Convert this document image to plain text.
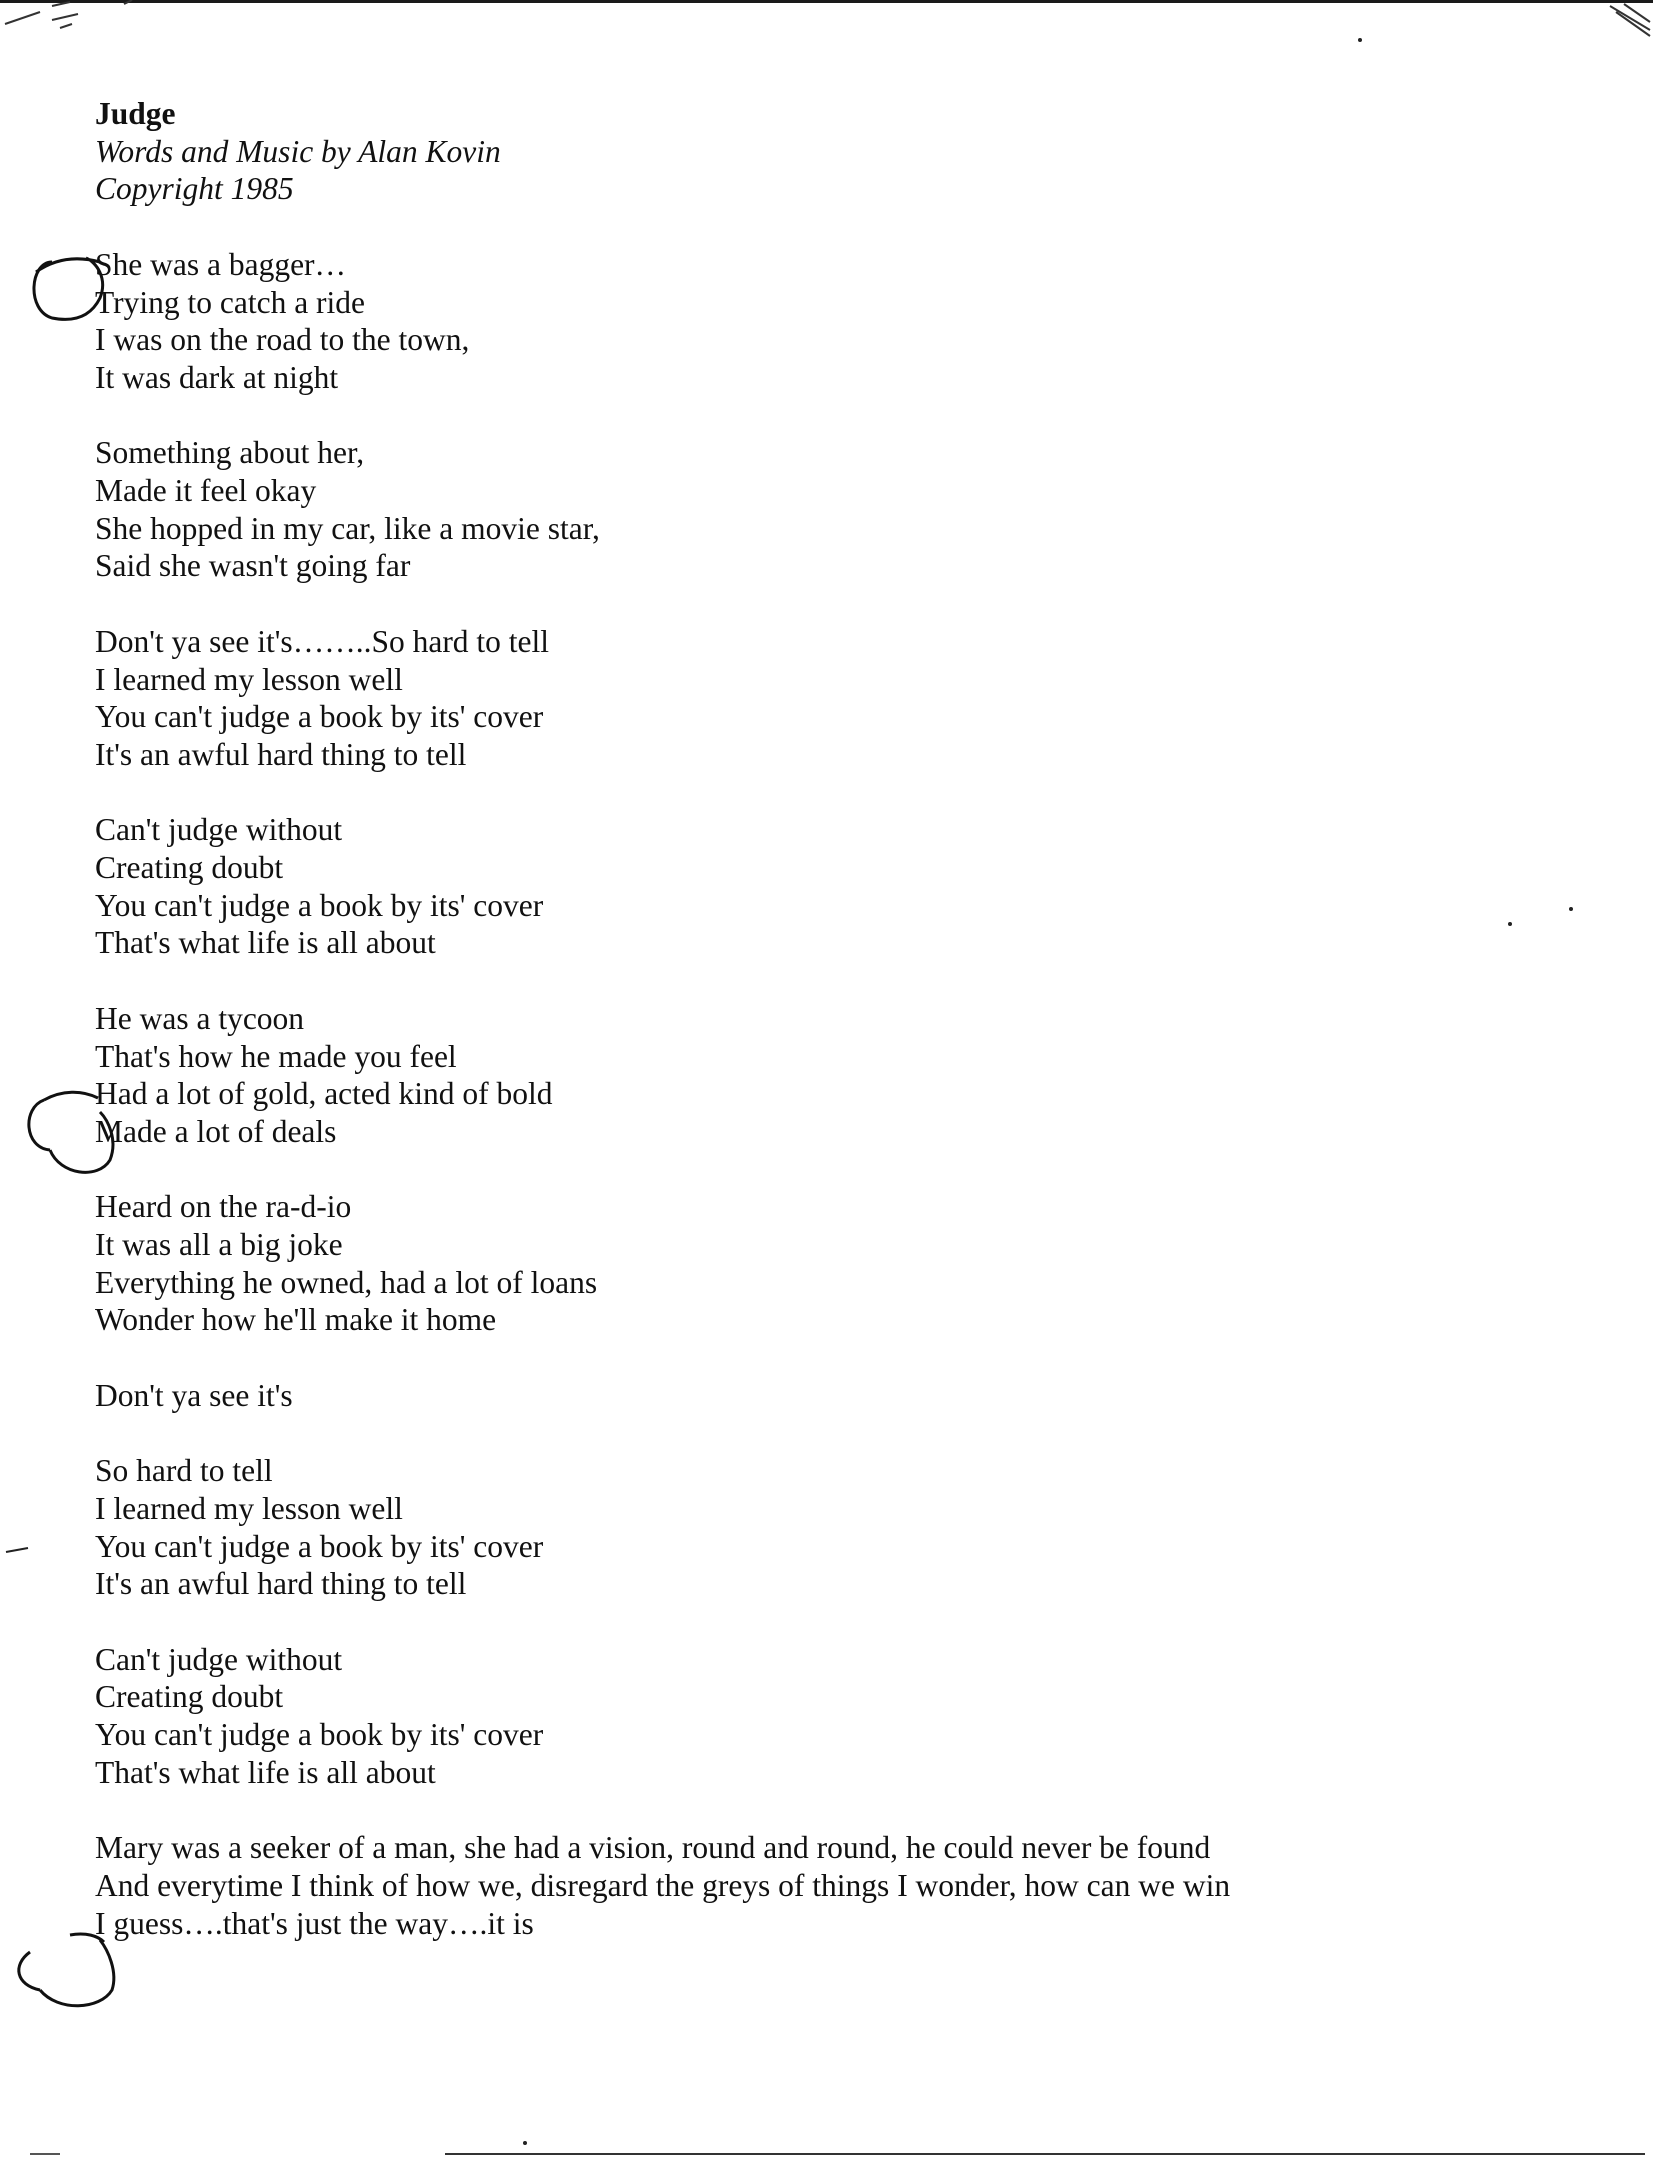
Judge
Words and Music by Alan Kovin
Copyright 1985
She was a bagger…
Trying to catch a ride
I was on the road to the town,
It was dark at night
Something about her,
Made it feel okay
She hopped in my car, like a movie star,
Said she wasn't going far
Don't ya see it's……..So hard to tell
I learned my lesson well
You can't judge a book by its' cover
It's an awful hard thing to tell
Can't judge without
Creating doubt
You can't judge a book by its' cover
That's what life is all about
He was a tycoon
That's how he made you feel
Had a lot of gold, acted kind of bold
Made a lot of deals
Heard on the ra-d-io
It was all a big joke
Everything he owned, had a lot of loans
Wonder how he'll make it home
Don't ya see it's
So hard to tell
I learned my lesson well
You can't judge a book by its' cover
It's an awful hard thing to tell
Can't judge without
Creating doubt
You can't judge a book by its' cover
That's what life is all about
Mary was a seeker of a man, she had a vision, round and round, he could never be found
And everytime I think of how we, disregard the greys of things I wonder, how can we win
I guess….that's just the way….it is
